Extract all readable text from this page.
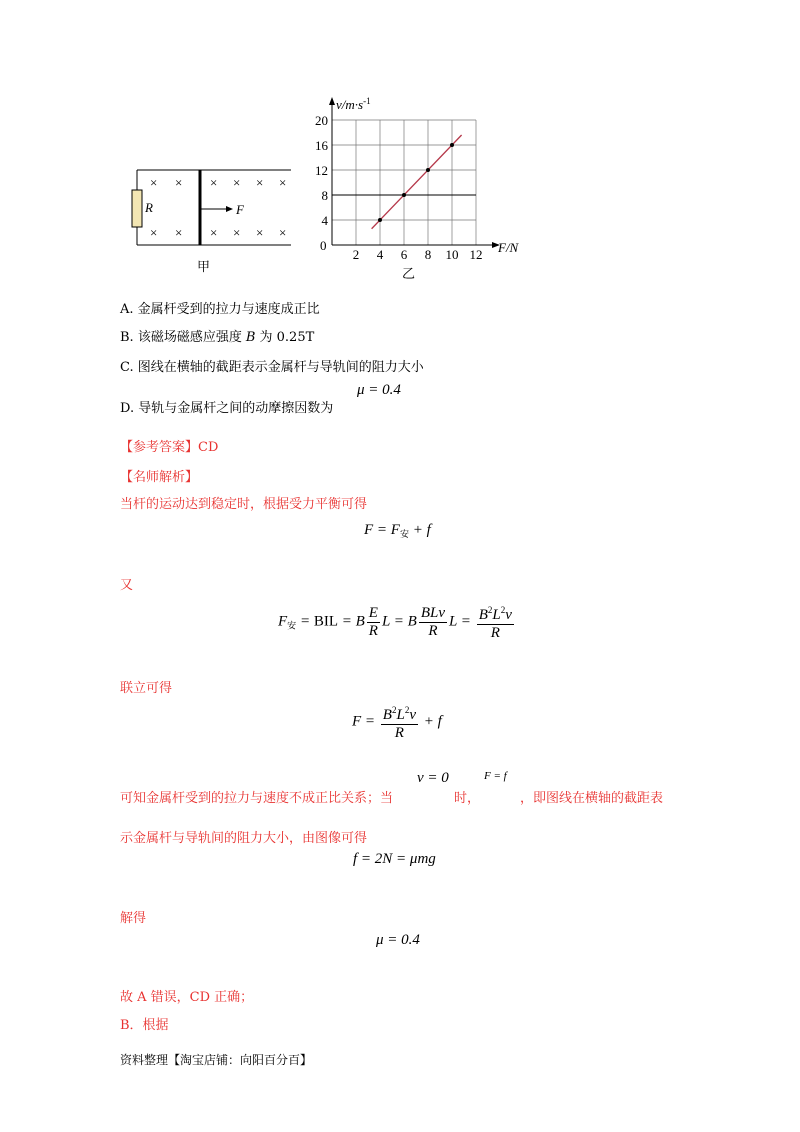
R	F
× × × × × ×
× × × × × ×
甲
$v/m\cdot s^{-1}$
F/N
0
2 4 6 8 10 12
4
8
12
16
20
乙
A. 金属杆受到的拉力与速度成正比
B. 该磁场磁感应强度 B 为 0.25T
C. 图线在横轴的截距表示金属杆与导轨间的阻力大小
D. 导轨与金属杆之间的动摩擦因数为
μ = 0.4
【参考答案】CD
【名师解析】
当杆的运动达到稳定时，根据受力平衡可得
$F = F_安 + f$
又
$F_安$ = BIL = B $\frac{E}{R}$ L = B $\frac{\text{BLv}}{R}$ $L = \frac{B^2L^2v}{R}$
联立可得
$F = \frac{B^2L^2v}{R} + f$
可知金属杆受到的拉力与速度不成正比关系；当
v = 0
时，
F = f
，即图线在横轴的截距表
示金属杆与导轨间的阻力大小，由图像可得
f = 2N = μmg
解得
μ = 0.4
故 A 错误，CD 正确；
B．根据
资料整理【淘宝店铺：向阳百分百】
